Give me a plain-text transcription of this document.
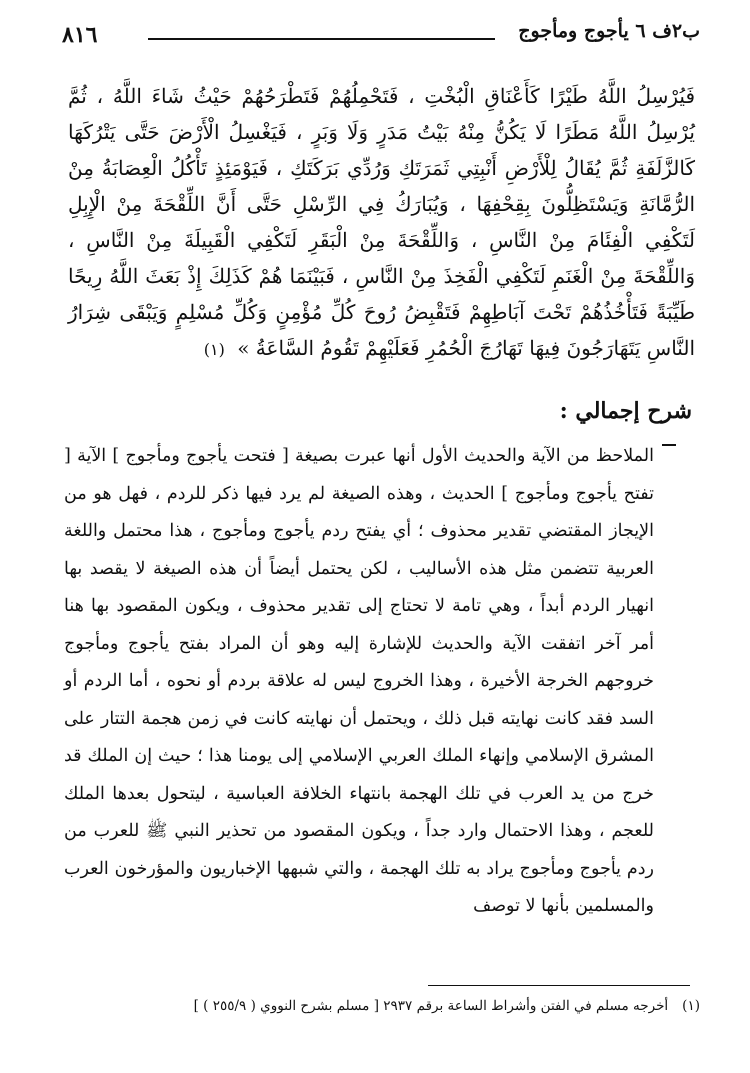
ب٢ف ٦ يأجوج ومأجوج
٨١٦

فَيُرْسِلُ اللَّهُ طَيْرًا كَأَعْنَاقِ الْبُخْتِ ، فَتَحْمِلُهُمْ فَتَطْرَحُهُمْ حَيْثُ شَاءَ اللَّهُ ، ثُمَّ يُرْسِلُ اللَّهُ مَطَرًا لَا يَكُنُّ مِنْهُ بَيْتُ مَدَرٍ وَلَا وَبَرٍ ، فَيَغْسِلُ الْأَرْضَ حَتَّى يَتْرُكَهَا كَالزَّلَفَةِ ثُمَّ يُقَالُ لِلْأَرْضِ أَنْبِتِي ثَمَرَتَكِ وَرُدِّي بَرَكَتَكِ ، فَيَوْمَئِذٍ تَأْكُلُ الْعِصَابَةُ مِنْ الرُّمَّانَةِ وَيَسْتَظِلُّونَ بِقِحْفِهَا ، وَيُبَارَكُ فِي الرِّسْلِ حَتَّى أَنَّ اللِّقْحَةَ مِنْ الْإِبِلِ لَتَكْفِي الْفِئَامَ مِنْ النَّاسِ ، وَاللِّقْحَةَ مِنْ الْبَقَرِ لَتَكْفِي الْقَبِيلَةَ مِنْ النَّاسِ ، وَاللِّقْحَةَ مِنْ الْغَنَمِ لَتَكْفِي الْفَخِذَ مِنْ النَّاسِ ، فَبَيْنَمَا هُمْ كَذَلِكَ إِذْ بَعَثَ اللَّهُ رِيحًا طَيِّبَةً فَتَأْخُذُهُمْ تَحْتَ آبَاطِهِمْ فَتَقْبِضُ رُوحَ كُلِّ مُؤْمِنٍ وَكُلِّ مُسْلِمٍ وَيَبْقَى شِرَارُ النَّاسِ يَتَهَارَجُونَ فِيهَا تَهَارُجَ الْحُمُرِ فَعَلَيْهِمْ تَقُومُ السَّاعَةُ » (١)

شرح إجمالي :

الملاحظ من الآية والحديث الأول أنها عبرت بصيغة [ فتحت يأجوج ومأجوج ] الآية [ تفتح يأجوج ومأجوج ] الحديث ، وهذه الصيغة لم يرد فيها ذكر للردم ، فهل هو من الإيجاز المقتضي تقدير محذوف ؛ أي يفتح ردم يأجوج ومأجوج ، هذا محتمل واللغة العربية تتضمن مثل هذه الأساليب ، لكن يحتمل أيضاً أن هذه الصيغة لا يقصد بها انهيار الردم أبداً ، وهي تامة لا تحتاج إلى تقدير محذوف ، ويكون المقصود بها هنا أمر آخر اتفقت الآية والحديث للإشارة إليه وهو أن المراد بفتح يأجوج ومأجوج خروجهم الخرجة الأخيرة ، وهذا الخروج ليس له علاقة بردم أو نحوه ، أما الردم أو السد فقد كانت نهايته قبل ذلك ، ويحتمل أن نهايته كانت في زمن هجمة التتار على المشرق الإسلامي وإنهاء الملك العربي الإسلامي إلى يومنا هذا ؛ حيث إن الملك قد خرج من يد العرب في تلك الهجمة بانتهاء الخلافة العباسية ، ليتحول بعدها الملك للعجم ، وهذا الاحتمال وارد جداً ، ويكون المقصود من تحذير النبي ﷺ للعرب من ردم يأجوج ومأجوج يراد به تلك الهجمة ، والتي شبهها الإخباريون والمؤرخون العرب والمسلمين بأنها لا توصف

(١)أخرجه مسلم في الفتن وأشراط الساعة برقم ٢٩٣٧ [ مسلم بشرح النووي ( ٢٥٥/٩ ) ]
